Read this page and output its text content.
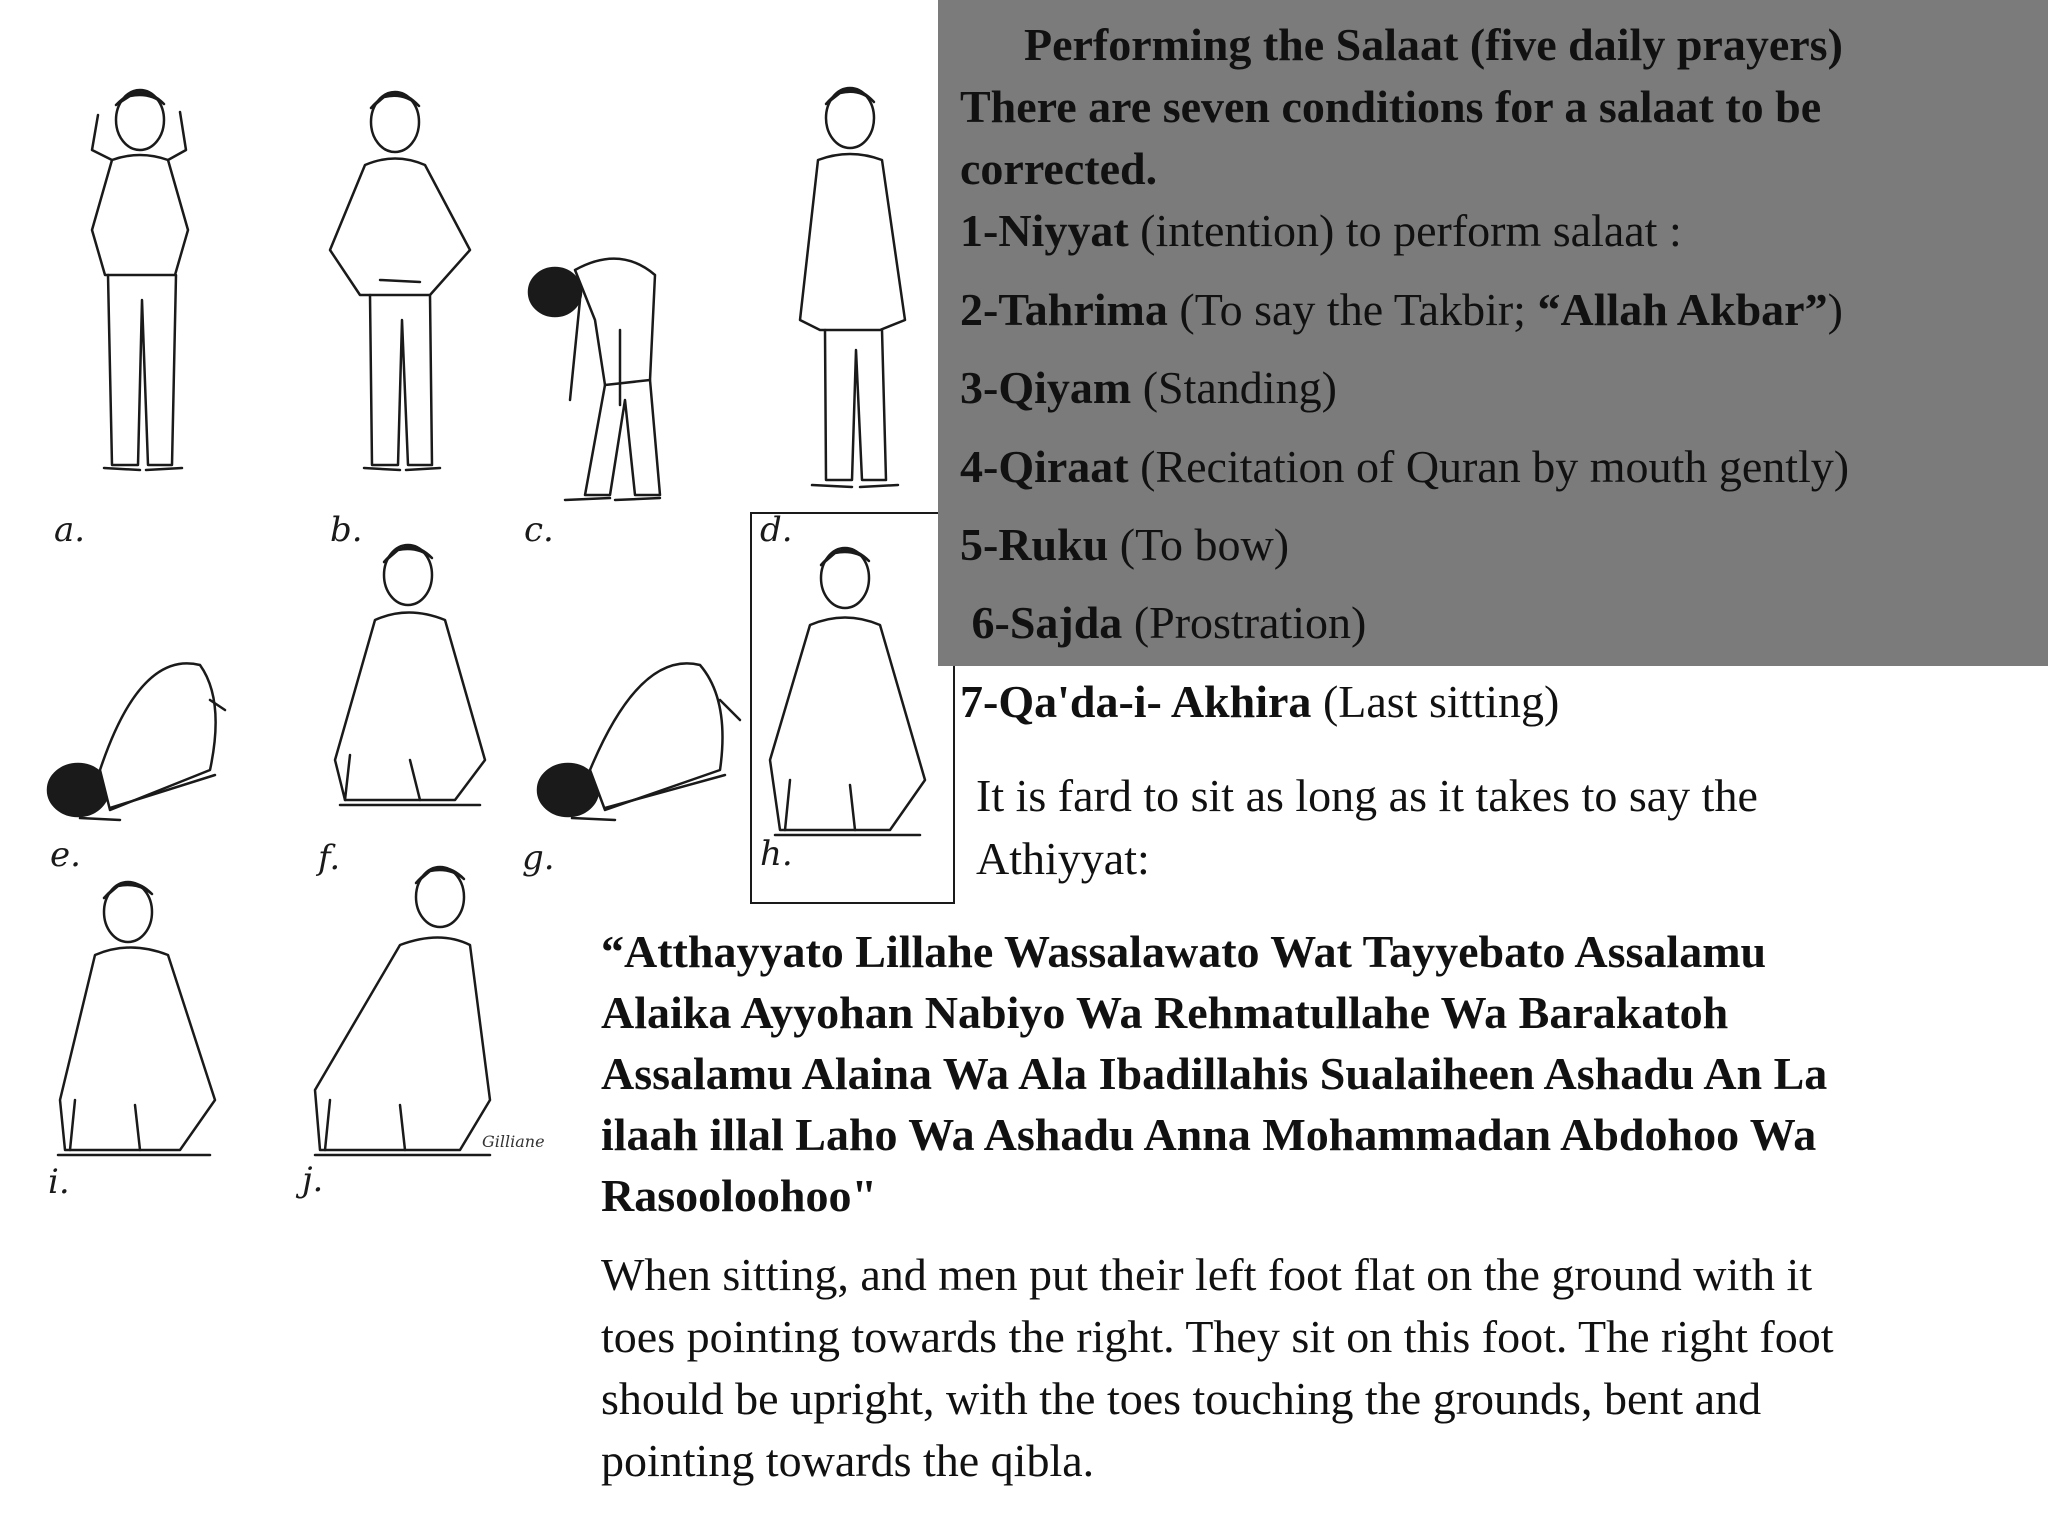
a.	b.	c.	d.
e.	f.	g.	h.
i.	j.
Gilliane
Performing the Salaat (five daily prayers)
There are seven conditions for a salaat to be
corrected.
1-Niyyat (intention) to perform salaat :
2-Tahrima (To say the Takbir; “Allah Akbar”)
3-Qiyam (Standing)
4-Qiraat (Recitation of Quran by mouth gently)
5-Ruku (To bow)
6-Sajda (Prostration)
7-Qa'da-i- Akhira (Last sitting)
It is fard to sit as long as it takes to say the
Athiyyat:
“Atthayyato Lillahe Wassalawato Wat Tayyebato Assalamu
Alaika Ayyohan Nabiyo Wa Rehmatullahe Wa Barakatoh
Assalamu Alaina Wa Ala Ibadillahis Sualaiheen Ashadu An La
ilaah illal Laho Wa Ashadu Anna Mohammadan Abdohoo Wa
Rasooloohoo"
When sitting, and men put their left foot flat on the ground with it
toes pointing towards the right. They sit on this foot. The right foot
should be upright, with the toes touching the grounds, bent and
pointing towards the qibla.
